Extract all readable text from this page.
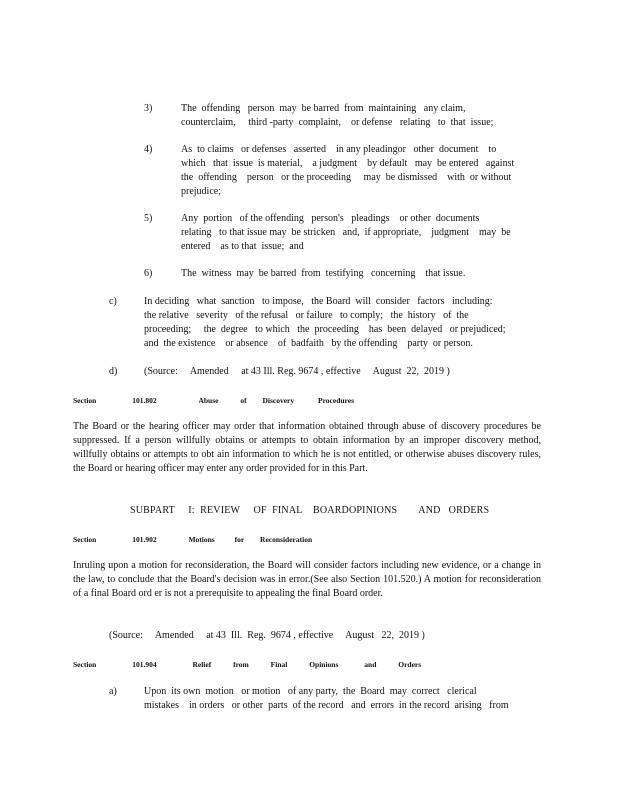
3)	The  offending   person  may  be barred  from  maintaining   any claim,
counterclaim,     third -party  complaint,    or defense   relating   to  that  issue;
4)	As  to claims   or defenses   asserted    in any pleadingor   other  document    to
which   that  issue  is material,    a judgment    by default   may  be entered   against
the  offending    person   or the proceeding     may  be dismissed    with  or without
prejudice;
5)	Any  portion   of the offending   person's   pleadings    or other  documents
relating   to that issue may  be stricken   and,  if appropriate,    judgment    may  be
entered    as to that  issue;  and
6)	The  witness  may  be barred  from  testifying   concerning    that issue.
c)	In deciding   what  sanction   to impose,   the Board  will  consider   factors   including:
the relative   severity   of the refusal   or failure   to comply;   the  history   of  the
proceeding;     the  degree   to which   the  proceeding    has  been  delayed   or prejudiced;
and  the existence    or absence    of  badfaith   by the offending    party  or person.
d)	(Source:     Amended     at 43 Ill. Reg. 9674 , effective     August  22,  2019 )
Section	101.802	Abuse	of Discovery	Procedures
The Board or the hearing officer may order that information obtained through abuse of discovery procedures be suppressed. If a person willfully obtains or attempts to obtain information by an improper discovery method, willfully obtains or attempts to obt ain information to which he is not entitled, or otherwise abuses discovery rules, the Board or hearing officer may enter any order provided for in this Part.
SUBPART     I:  REVIEW     OF  FINAL    BOARDOPINIONS        AND   ORDERS
Section	101.902	Motions	for Reconsideration
Inruling upon a motion for reconsideration, the Board will consider factors including new evidence, or a change in the law, to conclude that the Board's decision was in error.(See also Section 101.520.) A motion for reconsideration of a final Board ord er is not a prerequisite to appealing the final Board order.
(Source:     Amended     at 43  Ill.  Reg.  9674 , effective     August   22,  2019 )
Section	101.904	Relief	from	Final	Opinions	and	Orders
a)	Upon  its own  motion   or motion   of any party,  the  Board  may  correct   clerical
mistakes    in orders   or other  parts  of the record   and  errors  in the record  arising   from
